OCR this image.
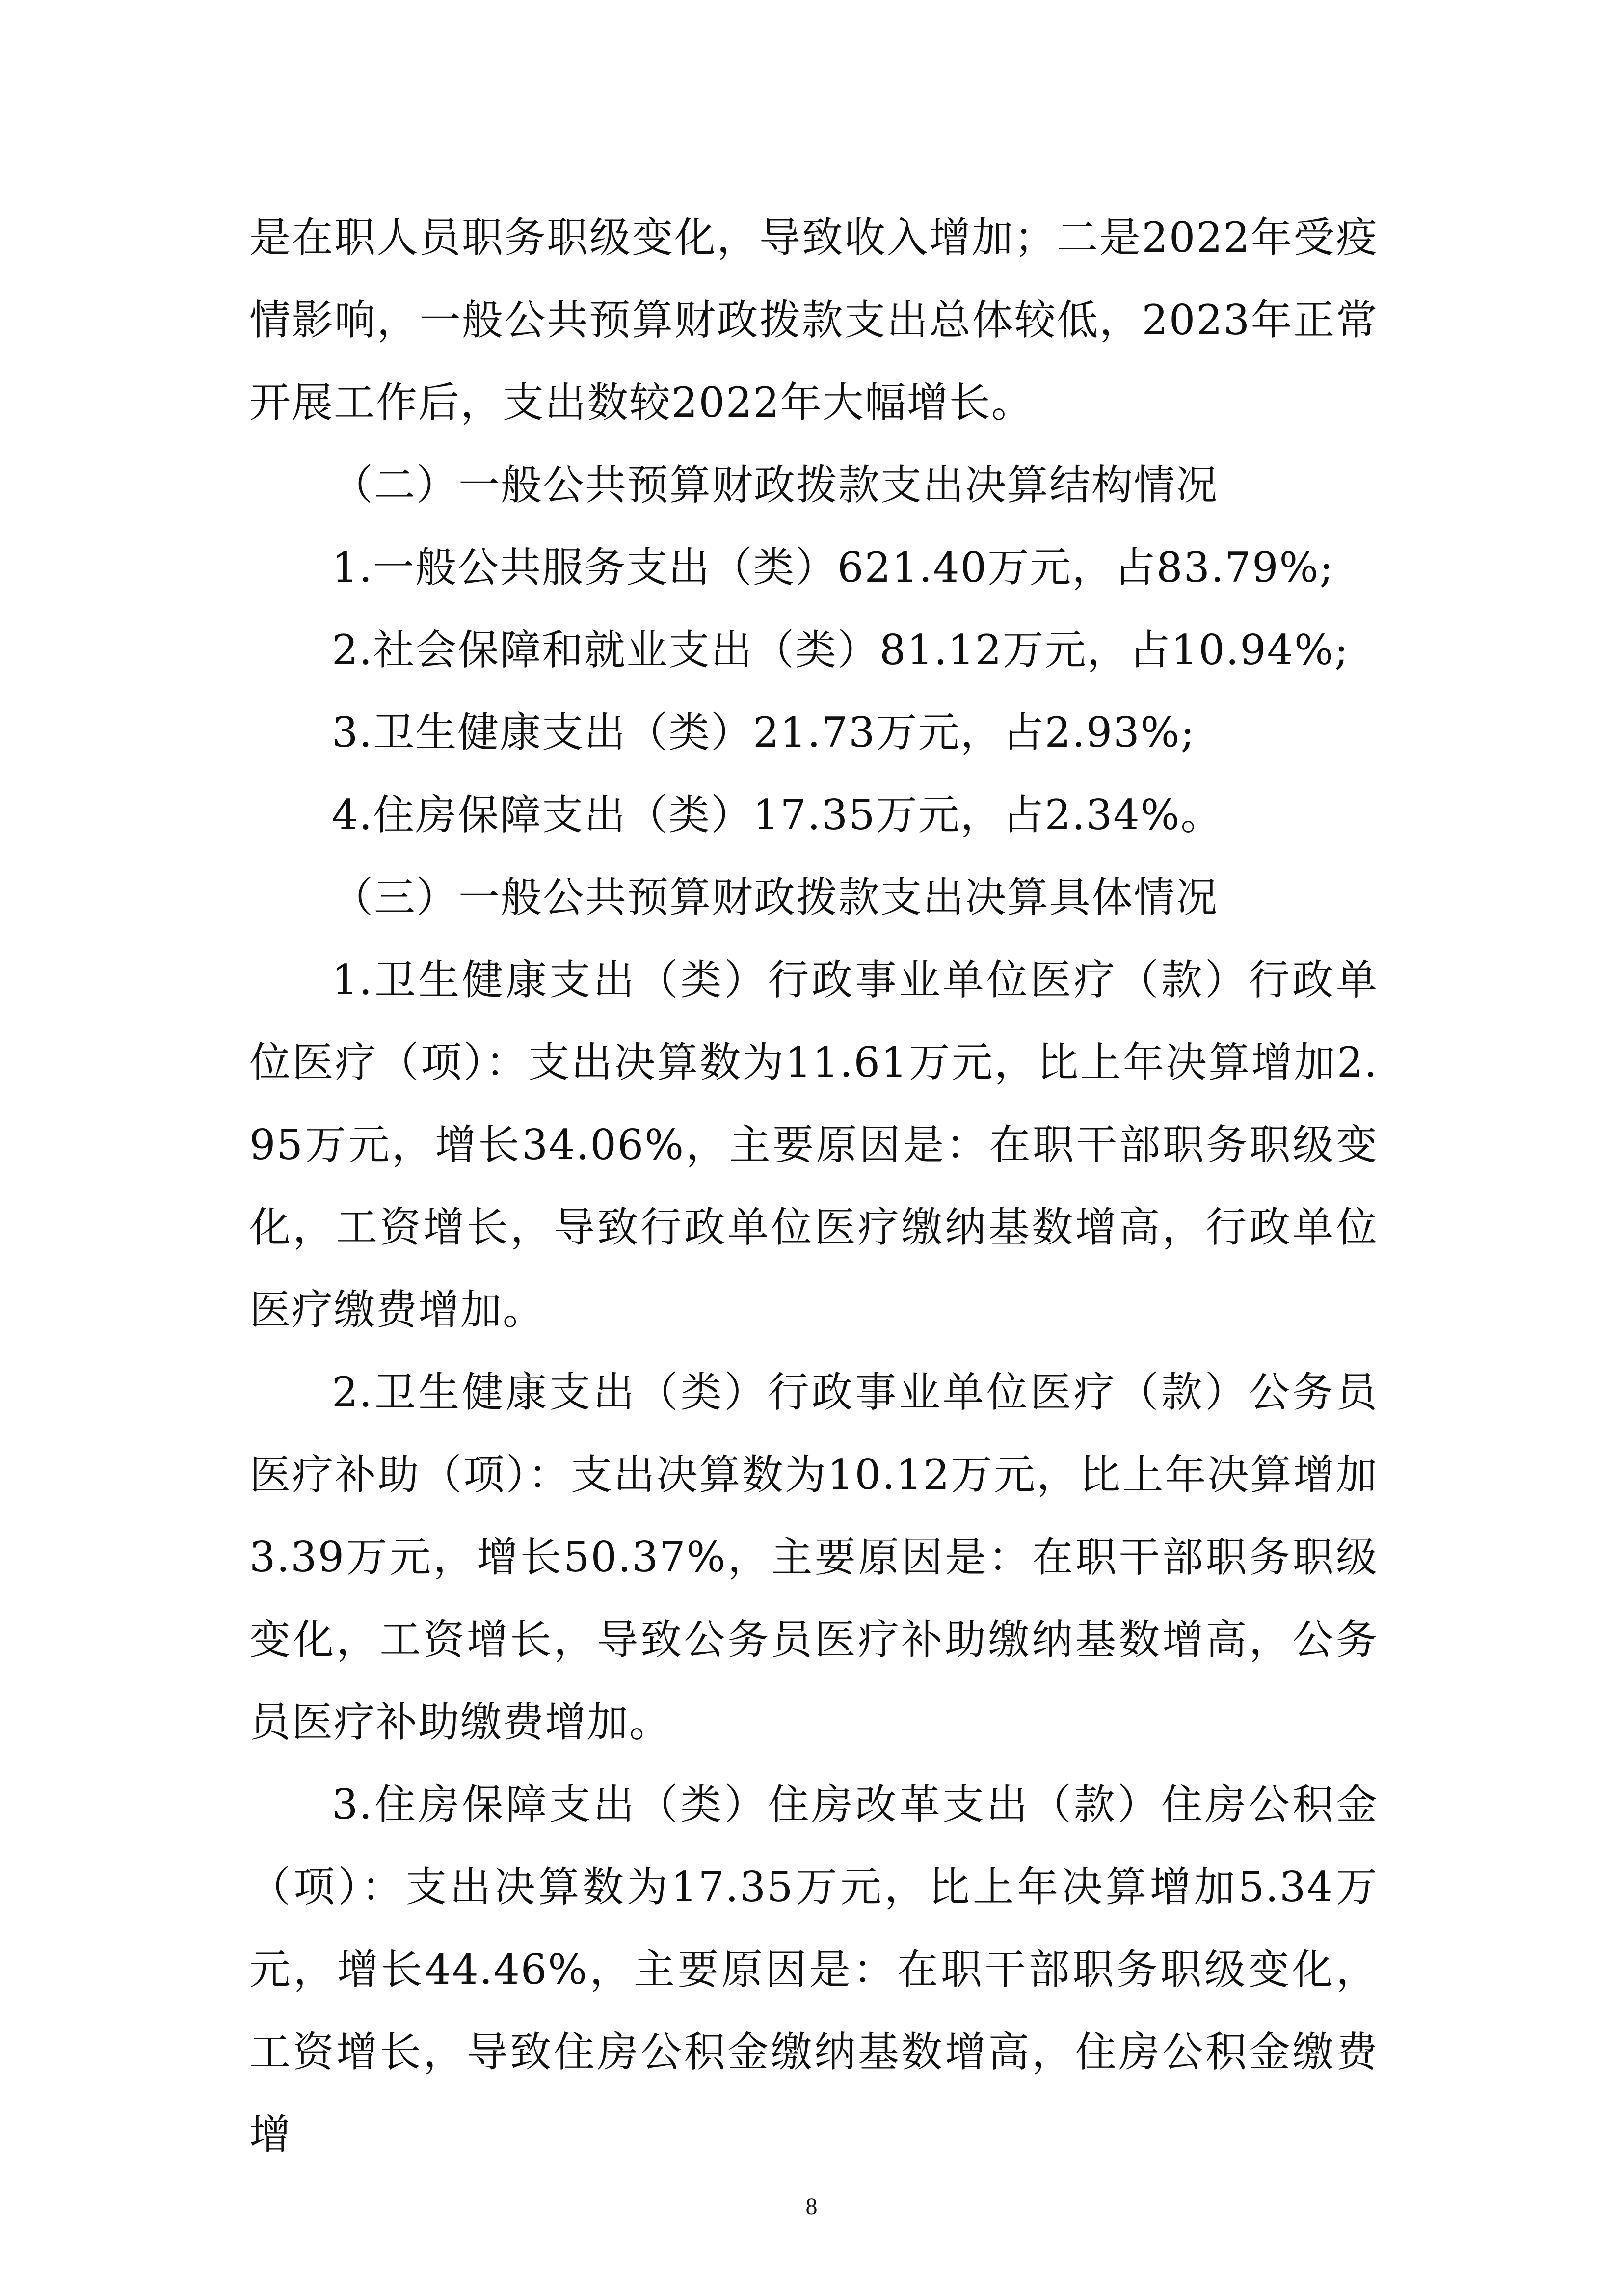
是在职人员职务职级变化，导致收入增加；二是2022年受疫情影响，一般公共预算财政拨款支出总体较低，2023年正常开展工作后，支出数较2022年大幅增长。

（二）一般公共预算财政拨款支出决算结构情况

1.一般公共服务支出（类）621.40万元，占83.79%;

2.社会保障和就业支出（类）81.12万元，占10.94%;

3.卫生健康支出（类）21.73万元，占2.93%;

4.住房保障支出（类）17.35万元，占2.34%。

（三）一般公共预算财政拨款支出决算具体情况

1.卫生健康支出（类）行政事业单位医疗（款）行政单位医疗（项）：支出决算数为11.61万元，比上年决算增加2.95万元，增长34.06%，主要原因是：在职干部职务职级变化，工资增长，导致行政单位医疗缴纳基数增高，行政单位医疗缴费增加。

2.卫生健康支出（类）行政事业单位医疗（款）公务员医疗补助（项）：支出决算数为10.12万元，比上年决算增加3.39万元，增长50.37%，主要原因是：在职干部职务职级变化，工资增长，导致公务员医疗补助缴纳基数增高，公务员医疗补助缴费增加。

3.住房保障支出（类）住房改革支出（款）住房公积金（项）：支出决算数为17.35万元，比上年决算增加5.34万元，增长44.46%，主要原因是：在职干部职务职级变化，工资增长，导致住房公积金缴纳基数增高，住房公积金缴费增

8
